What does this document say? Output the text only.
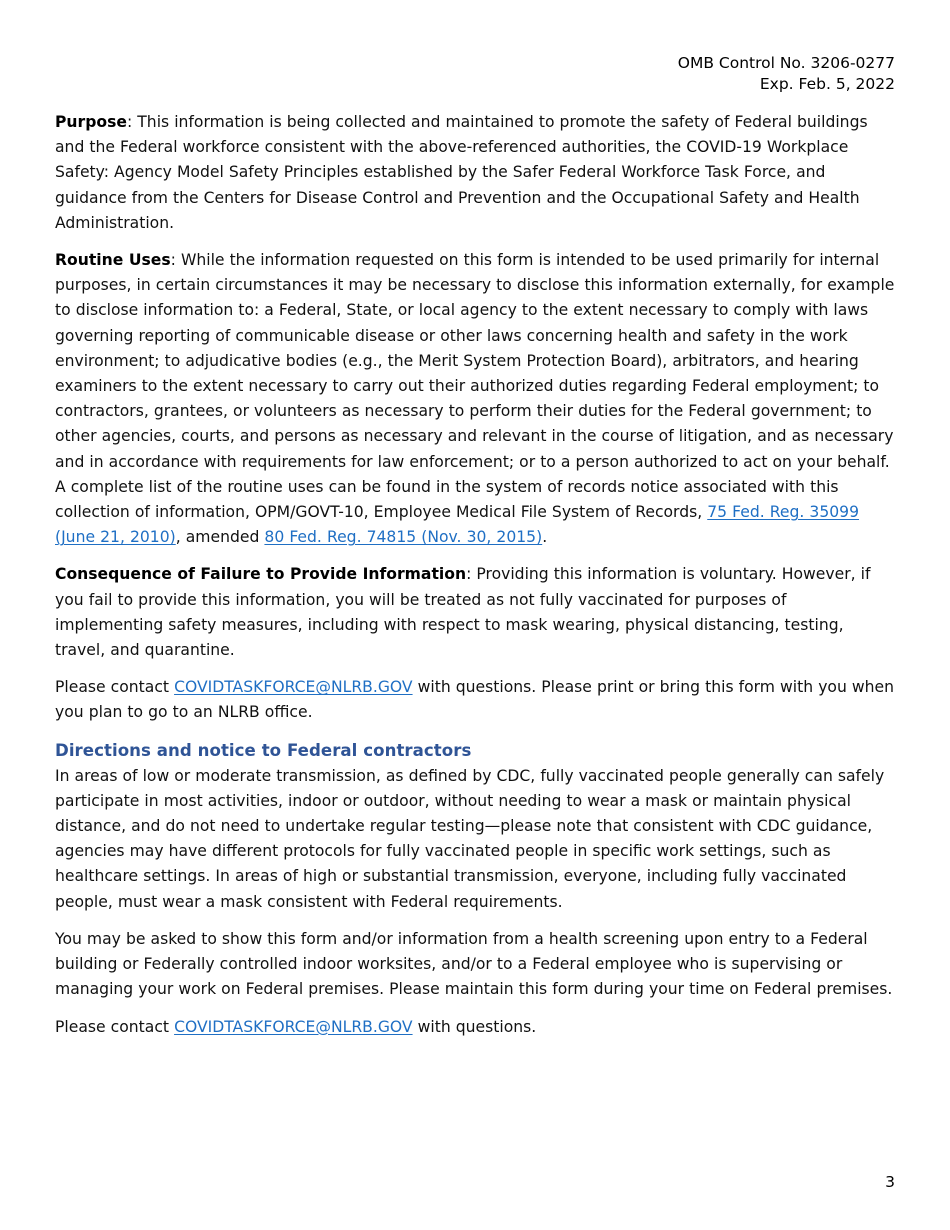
OMB Control No. 3206-0277
Exp. Feb. 5, 2022

Purpose: This information is being collected and maintained to promote the safety of Federal buildings and the Federal workforce consistent with the above-referenced authorities, the COVID-19 Workplace Safety: Agency Model Safety Principles established by the Safer Federal Workforce Task Force, and guidance from the Centers for Disease Control and Prevention and the Occupational Safety and Health Administration.

Routine Uses: While the information requested on this form is intended to be used primarily for internal purposes, in certain circumstances it may be necessary to disclose this information externally, for example to disclose information to: a Federal, State, or local agency to the extent necessary to comply with laws governing reporting of communicable disease or other laws concerning health and safety in the work environment; to adjudicative bodies (e.g., the Merit System Protection Board), arbitrators, and hearing examiners to the extent necessary to carry out their authorized duties regarding Federal employment; to contractors, grantees, or volunteers as necessary to perform their duties for the Federal government; to other agencies, courts, and persons as necessary and relevant in the course of litigation, and as necessary and in accordance with requirements for law enforcement; or to a person authorized to act on your behalf. A complete list of the routine uses can be found in the system of records notice associated with this collection of information, OPM/GOVT-10, Employee Medical File System of Records, 75 Fed. Reg. 35099 (June 21, 2010), amended 80 Fed. Reg. 74815 (Nov. 30, 2015).

Consequence of Failure to Provide Information: Providing this information is voluntary. However, if you fail to provide this information, you will be treated as not fully vaccinated for purposes of implementing safety measures, including with respect to mask wearing, physical distancing, testing, travel, and quarantine.

Please contact COVIDTASKFORCE@NLRB.GOV with questions. Please print or bring this form with you when you plan to go to an NLRB office.

Directions and notice to Federal contractors

In areas of low or moderate transmission, as defined by CDC, fully vaccinated people generally can safely participate in most activities, indoor or outdoor, without needing to wear a mask or maintain physical distance, and do not need to undertake regular testing—please note that consistent with CDC guidance, agencies may have different protocols for fully vaccinated people in specific work settings, such as healthcare settings. In areas of high or substantial transmission, everyone, including fully vaccinated people, must wear a mask consistent with Federal requirements.

You may be asked to show this form and/or information from a health screening upon entry to a Federal building or Federally controlled indoor worksites, and/or to a Federal employee who is supervising or managing your work on Federal premises. Please maintain this form during your time on Federal premises.

Please contact COVIDTASKFORCE@NLRB.GOV with questions.

3
